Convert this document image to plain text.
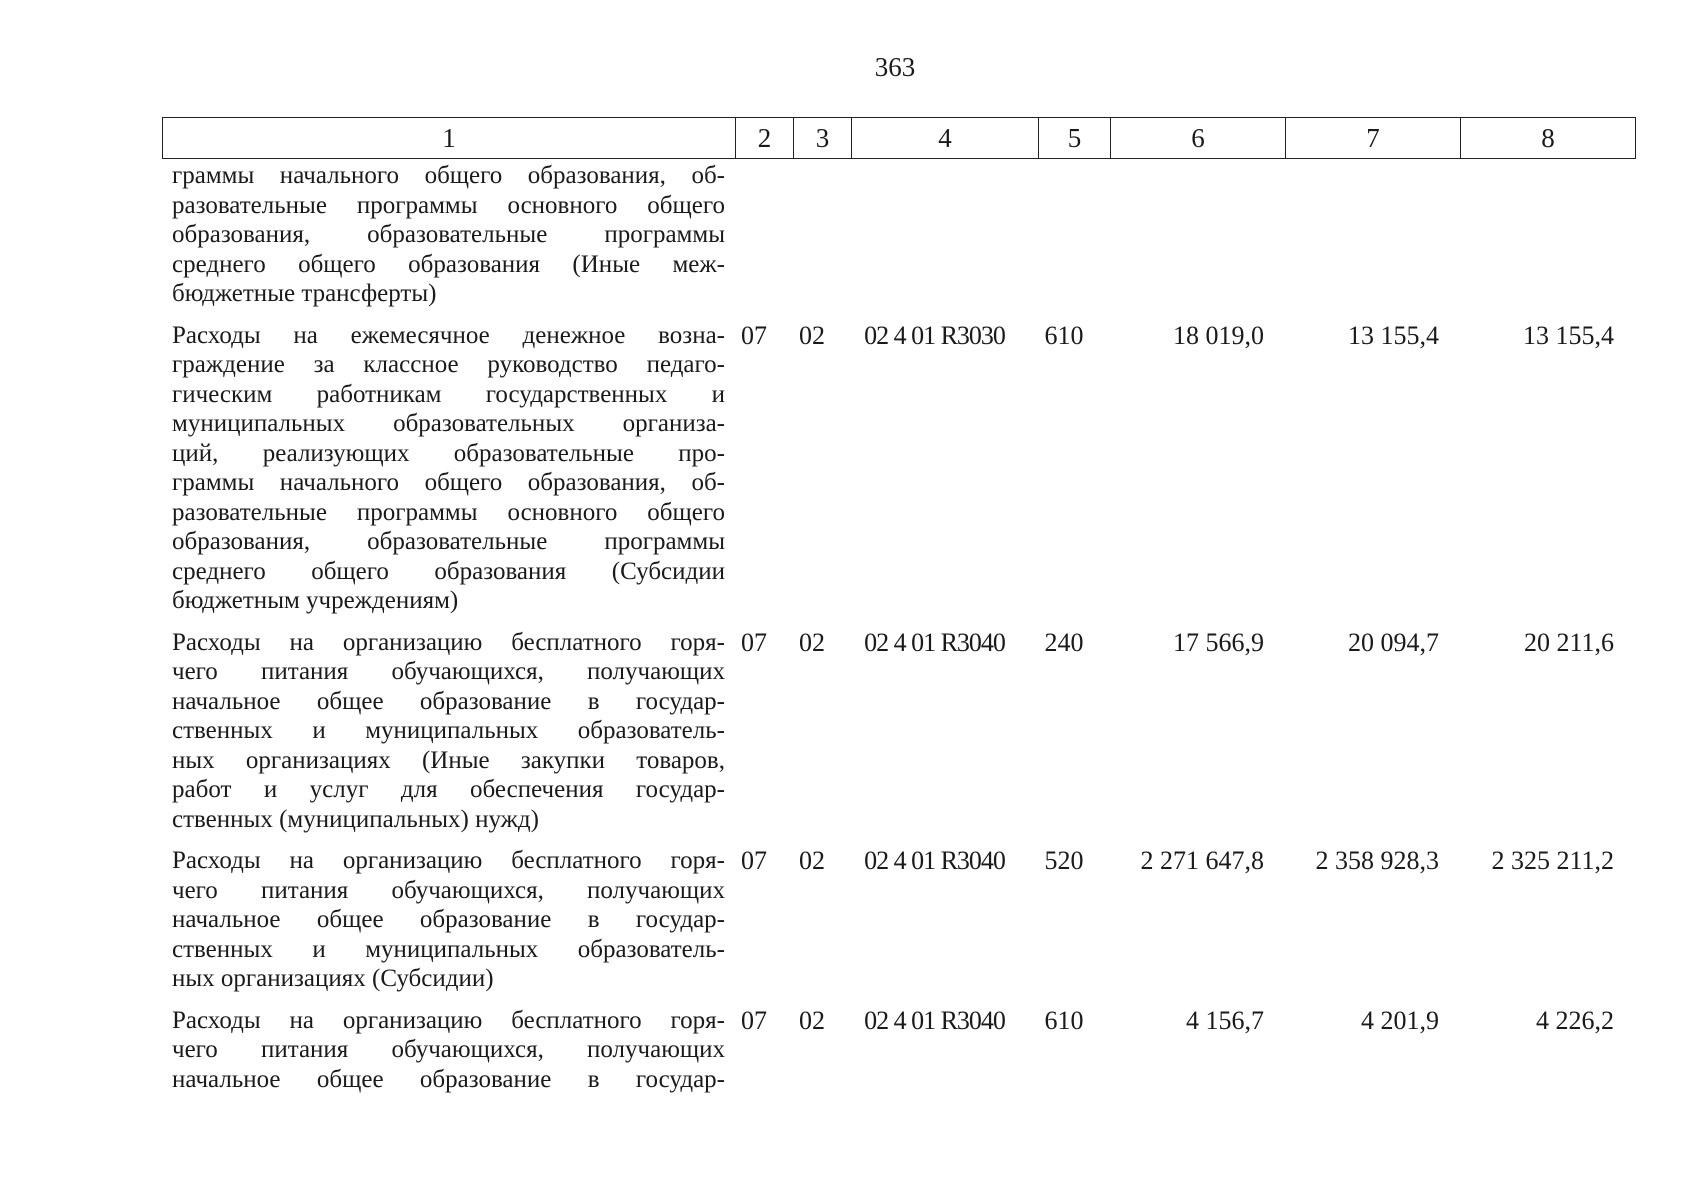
363
1	2	3	4	5	6	7	8
граммы начального общего образования, об-
разовательные программы основного общего
образования, образовательные программы
среднего общего образования (Иные меж-
бюджетные трансферты)
Расходы на ежемесячное денежное возна-
граждение за классное руководство педаго-
гическим работникам государственных и
муниципальных образовательных организа-
ций, реализующих образовательные про-
граммы начального общего образования, об-
разовательные программы основного общего
образования, образовательные программы
среднего общего образования (Субсидии
бюджетным учреждениям)
07	02	02 4 01 R3030	610	18 019,0	13 155,4	13 155,4
Расходы на организацию бесплатного горя-
чего питания обучающихся, получающих
начальное общее образование в государ-
ственных и муниципальных образователь-
ных организациях (Иные закупки товаров,
работ и услуг для обеспечения государ-
ственных (муниципальных) нужд)
07	02	02 4 01 R3040	240	17 566,9	20 094,7	20 211,6
Расходы на организацию бесплатного горя-
чего питания обучающихся, получающих
начальное общее образование в государ-
ственных и муниципальных образователь-
ных организациях (Субсидии)
07	02	02 4 01 R3040	520	2 271 647,8	2 358 928,3	2 325 211,2
Расходы на организацию бесплатного горя-
чего питания обучающихся, получающих
начальное общее образование в государ-
07	02	02 4 01 R3040	610	4 156,7	4 201,9	4 226,2
